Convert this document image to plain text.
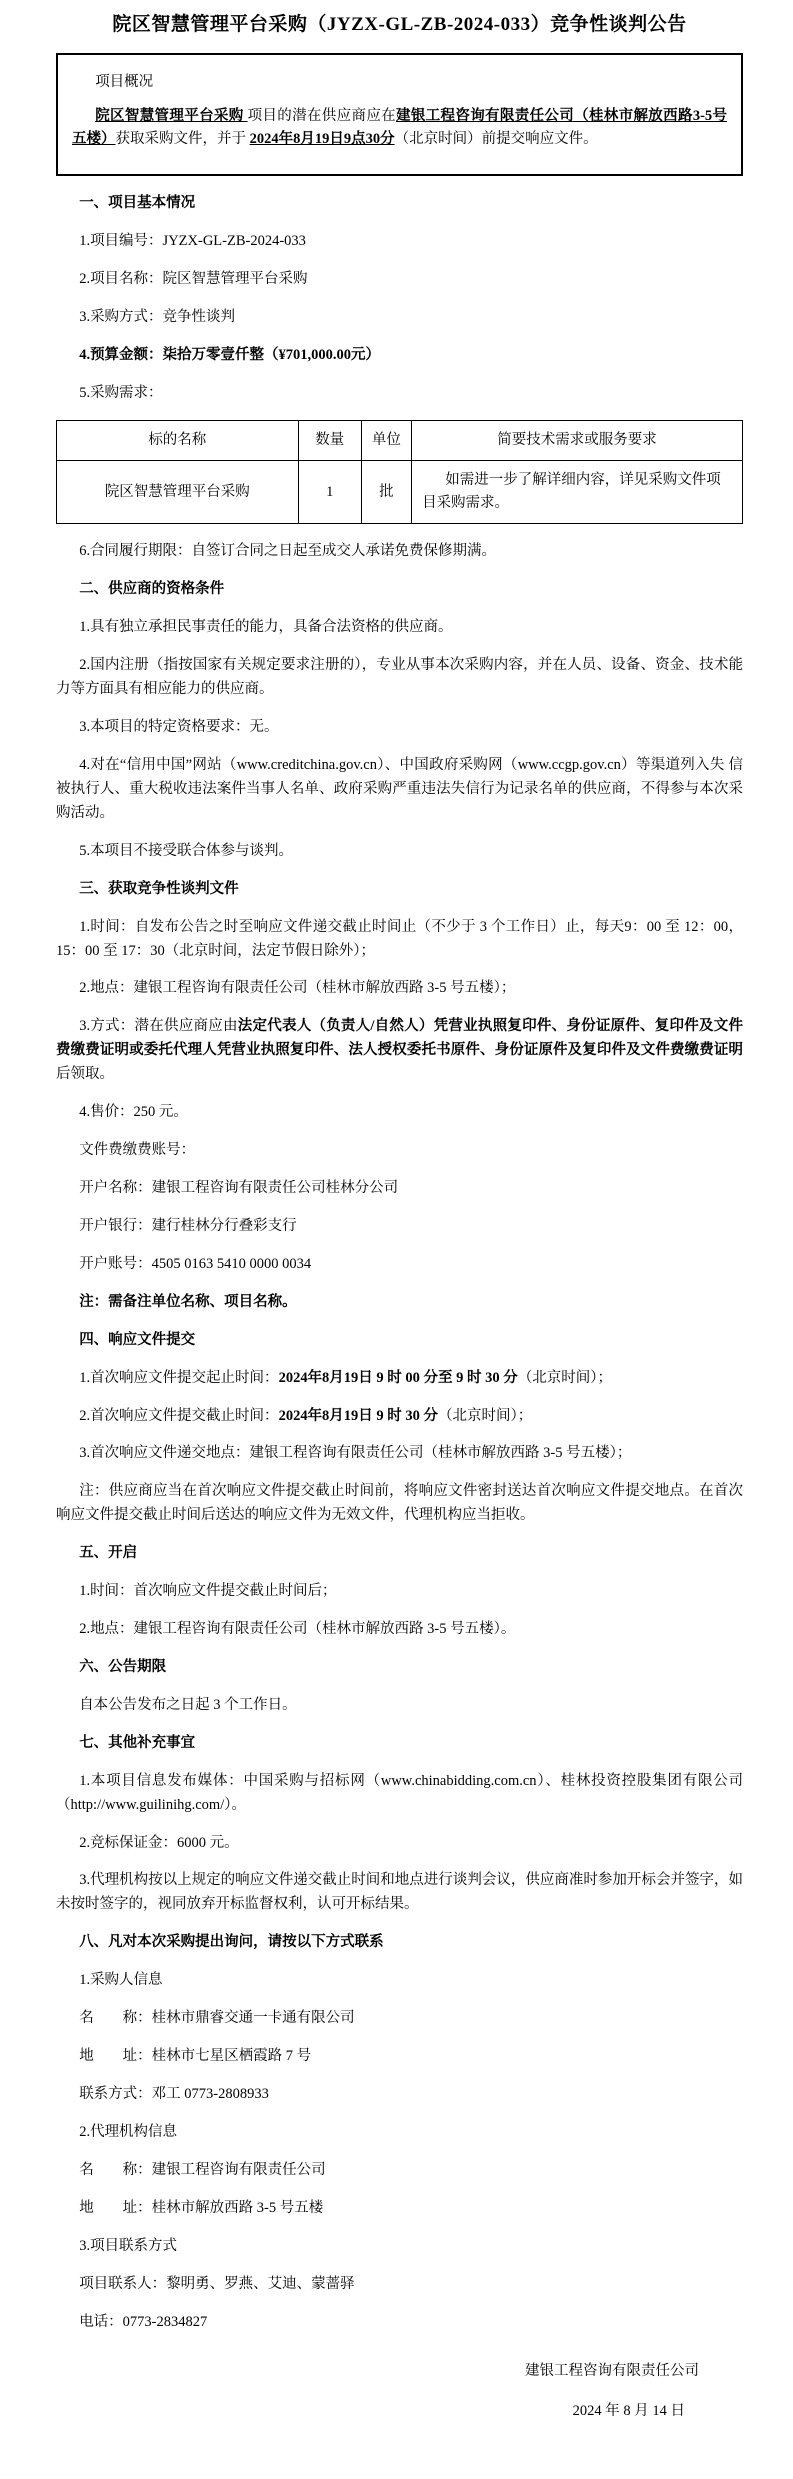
院区智慧管理平台采购（JYZX-GL-ZB-2024-033）竞争性谈判公告

项目概况

院区智慧管理平台采购 项目的潜在供应商应在建银工程咨询有限责任公司（桂林市解放西路3-5号五楼）获取采购文件，并于 2024年8月19日9点30分（北京时间）前提交响应文件。

一、项目基本情况

1.项目编号：JYZX-GL-ZB-2024-033

2.项目名称：院区智慧管理平台采购

3.采购方式：竞争性谈判

4.预算金额：柒拾万零壹仟整（¥701,000.00元）

5.采购需求：

标的名称	数量	单位	简要技术需求或服务要求
院区智慧管理平台采购	1	批	如需进一步了解详细内容，详见采购文件项目采购需求。

6.合同履行期限：自签订合同之日起至成交人承诺免费保修期满。

二、供应商的资格条件

1.具有独立承担民事责任的能力，具备合法资格的供应商。

2.国内注册（指按国家有关规定要求注册的），专业从事本次采购内容，并在人员、设备、资金、技术能力等方面具有相应能力的供应商。

3.本项目的特定资格要求：无。

4.对在“信用中国”网站（www.creditchina.gov.cn）、中国政府采购网（www.ccgp.gov.cn）等渠道列入失 信被执行人、重大税收违法案件当事人名单、政府采购严重违法失信行为记录名单的供应商，不得参与本次采购活动。

5.本项目不接受联合体参与谈判。

三、获取竞争性谈判文件

1.时间：自发布公告之时至响应文件递交截止时间止（不少于 3 个工作日）止，每天9：00 至 12：00，15：00 至 17：30（北京时间，法定节假日除外）；

2.地点：建银工程咨询有限责任公司（桂林市解放西路 3-5 号五楼）；

3.方式：潜在供应商应由法定代表人（负责人/自然人）凭营业执照复印件、身份证原件、复印件及文件费缴费证明或委托代理人凭营业执照复印件、法人授权委托书原件、身份证原件及复印件及文件费缴费证明后领取。

4.售价：250 元。

文件费缴费账号：

开户名称：建银工程咨询有限责任公司桂林分公司

开户银行：建行桂林分行叠彩支行

开户账号：4505 0163 5410 0000 0034

注：需备注单位名称、项目名称。

四、响应文件提交

1.首次响应文件提交起止时间：2024年8月19日 9 时 00 分至 9 时 30 分（北京时间）；

2.首次响应文件提交截止时间：2024年8月19日 9 时 30 分（北京时间）；

3.首次响应文件递交地点：建银工程咨询有限责任公司（桂林市解放西路 3-5 号五楼）；

注：供应商应当在首次响应文件提交截止时间前，将响应文件密封送达首次响应文件提交地点。在首次响应文件提交截止时间后送达的响应文件为无效文件，代理机构应当拒收。

五、开启

1.时间：首次响应文件提交截止时间后；

2.地点：建银工程咨询有限责任公司（桂林市解放西路 3-5 号五楼）。

六、公告期限

自本公告发布之日起 3 个工作日。

七、其他补充事宜

1.本项目信息发布媒体：中国采购与招标网（www.chinabidding.com.cn）、桂林投资控股集团有限公司 （http://www.guilinihg.com/）。

2.竞标保证金：6000 元。

3.代理机构按以上规定的响应文件递交截止时间和地点进行谈判会议，供应商准时参加开标会并签字，如未按时签字的，视同放弃开标监督权利，认可开标结果。

八、凡对本次采购提出询问，请按以下方式联系

1.采购人信息

名　　称：桂林市鼎睿交通一卡通有限公司

地　　址：桂林市七星区栖霞路 7 号

联系方式：邓工 0773-2808933

2.代理机构信息

名　　称：建银工程咨询有限责任公司

地　　址：桂林市解放西路 3-5 号五楼

3.项目联系方式

项目联系人：黎明勇、罗燕、艾迪、蒙蔷驿

电话：0773-2834827

建银工程咨询有限责任公司

2024 年 8 月 14 日
